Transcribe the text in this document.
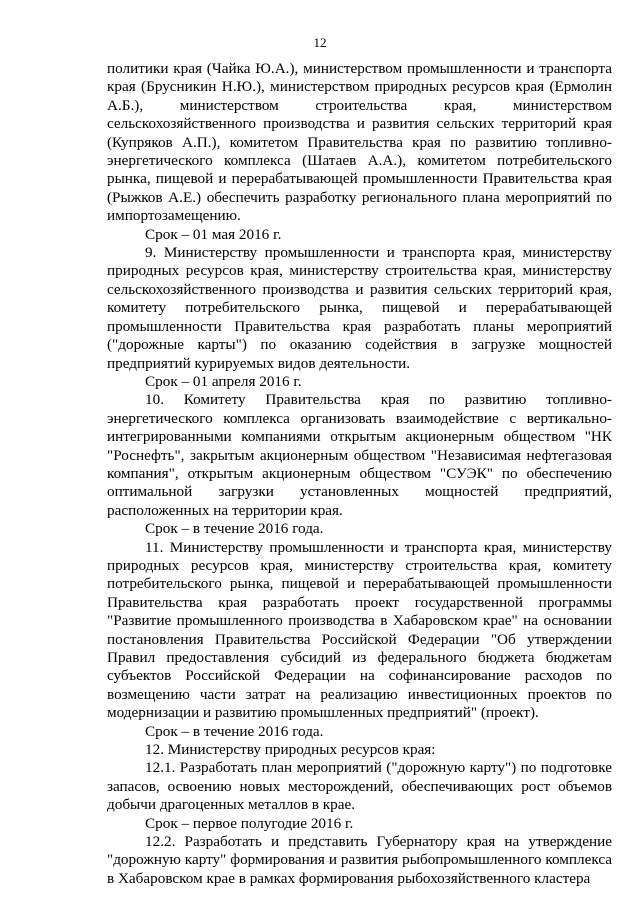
12

политики края (Чайка Ю.А.), министерством промышленности и транспорта края (Брусникин Н.Ю.), министерством природных ресурсов края (Ермолин А.Б.), министерством строительства края, министерством сельскохозяйственного производства и развития сельских территорий края (Купряков А.П.), комитетом Правительства края по развитию топливно-энергетического комплекса (Шатаев А.А.), комитетом потребительского рынка, пищевой и перерабатывающей промышленности Правительства края (Рыжков А.Е.) обеспечить разработку регионального плана мероприятий по импортозамещению.

Срок – 01 мая 2016 г.

9. Министерству промышленности и транспорта края, министерству природных ресурсов края, министерству строительства края, министерству сельскохозяйственного производства и развития сельских территорий края, комитету потребительского рынка, пищевой и перерабатывающей промышленности Правительства края разработать планы мероприятий ("дорожные карты") по оказанию содействия в загрузке мощностей предприятий курируемых видов деятельности.

Срок – 01 апреля 2016 г.

10. Комитету Правительства края по развитию топливно-энергетического комплекса организовать взаимодействие с вертикально-интегрированными компаниями открытым акционерным обществом "НК "Роснефть", закрытым акционерным обществом "Независимая нефтегазовая компания", открытым акционерным обществом "СУЭК" по обеспечению оптимальной загрузки установленных мощностей предприятий, расположенных на территории края.

Срок – в течение 2016 года.

11. Министерству промышленности и транспорта края, министерству природных ресурсов края, министерству строительства края, комитету потребительского рынка, пищевой и перерабатывающей промышленности Правительства края разработать проект государственной программы "Развитие промышленного производства в Хабаровском крае" на основании постановления Правительства Российской Федерации "Об утверждении Правил предоставления субсидий из федерального бюджета бюджетам субъектов Российской Федерации на софинансирование расходов по возмещению части затрат на реализацию инвестиционных проектов по модернизации и развитию промышленных предприятий" (проект).

Срок – в течение 2016 года.

12. Министерству природных ресурсов края:

12.1. Разработать план мероприятий ("дорожную карту") по подготовке запасов, освоению новых месторождений, обеспечивающих рост объемов добычи драгоценных металлов в крае.

Срок – первое полугодие 2016 г.

12.2. Разработать и представить Губернатору края на утверждение "дорожную карту" формирования и развития рыбопромышленного комплекса в Хабаровском крае в рамках формирования рыбохозяйственного кластера
